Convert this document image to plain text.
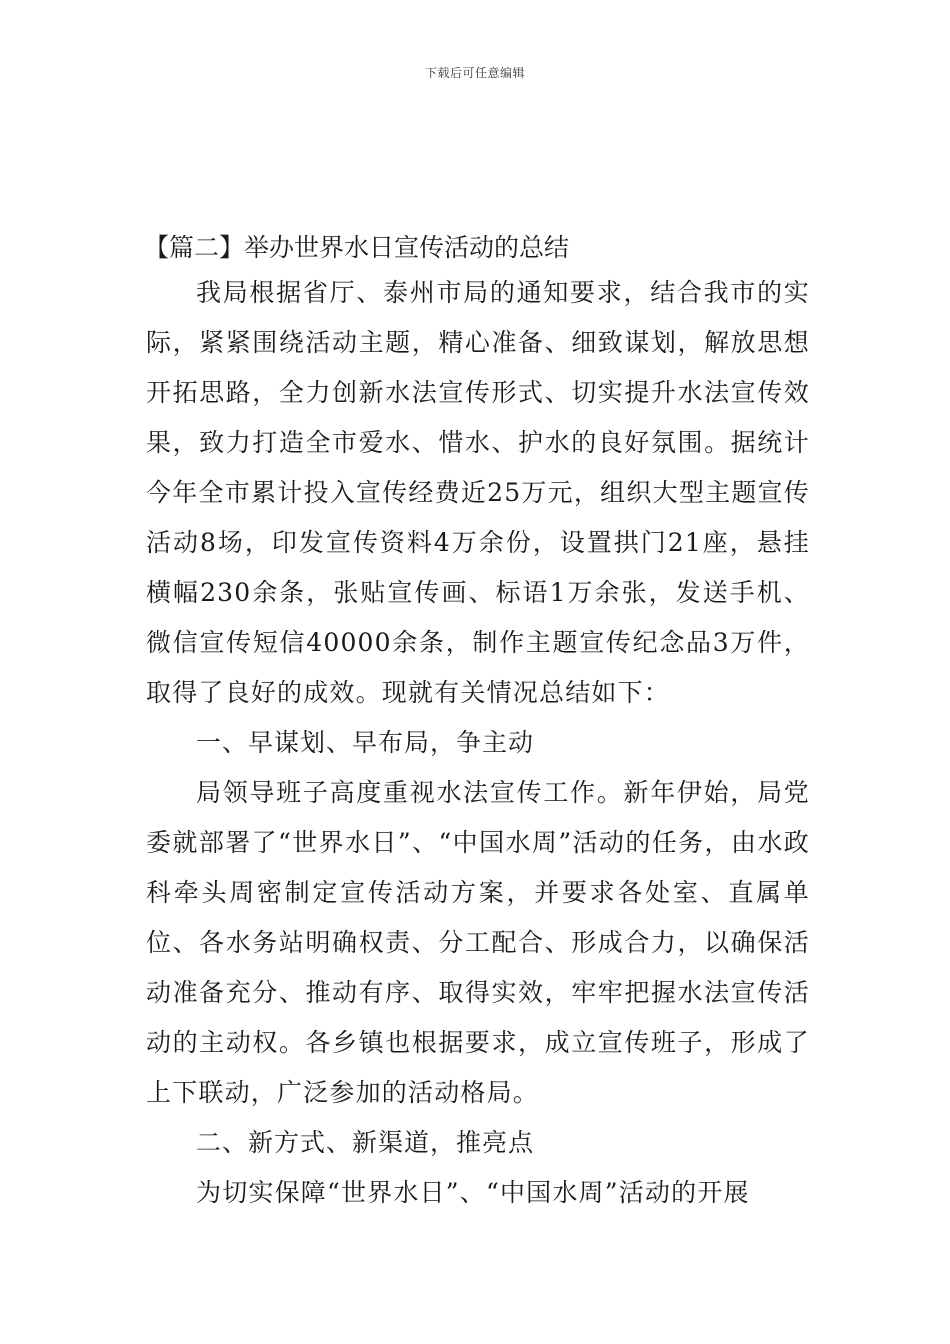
下载后可任意编辑
【篇二】举办世界水日宣传活动的总结

我局根据省厅、泰州市局的通知要求，结合我市的实际，紧紧围绕活动主题，精心准备、细致谋划，解放思想开拓思路，全力创新水法宣传形式、切实提升水法宣传效果，致力打造全市爱水、惜水、护水的良好氛围。据统计今年全市累计投入宣传经费近25万元，组织大型主题宣传活动8场，印发宣传资料4万余份，设置拱门21座，悬挂横幅230余条，张贴宣传画、标语1万余张，发送手机、微信宣传短信40000余条，制作主题宣传纪念品3万件，取得了良好的成效。现就有关情况总结如下：

一、早谋划、早布局，争主动

局领导班子高度重视水法宣传工作。新年伊始，局党委就部署了“世界水日”、“中国水周”活动的任务，由水政科牵头周密制定宣传活动方案，并要求各处室、直属单位、各水务站明确权责、分工配合、形成合力，以确保活动准备充分、推动有序、取得实效，牢牢把握水法宣传活动的主动权。各乡镇也根据要求，成立宣传班子，形成了上下联动，广泛参加的活动格局。

二、新方式、新渠道，推亮点

为切实保障“世界水日”、“中国水周”活动的开展
